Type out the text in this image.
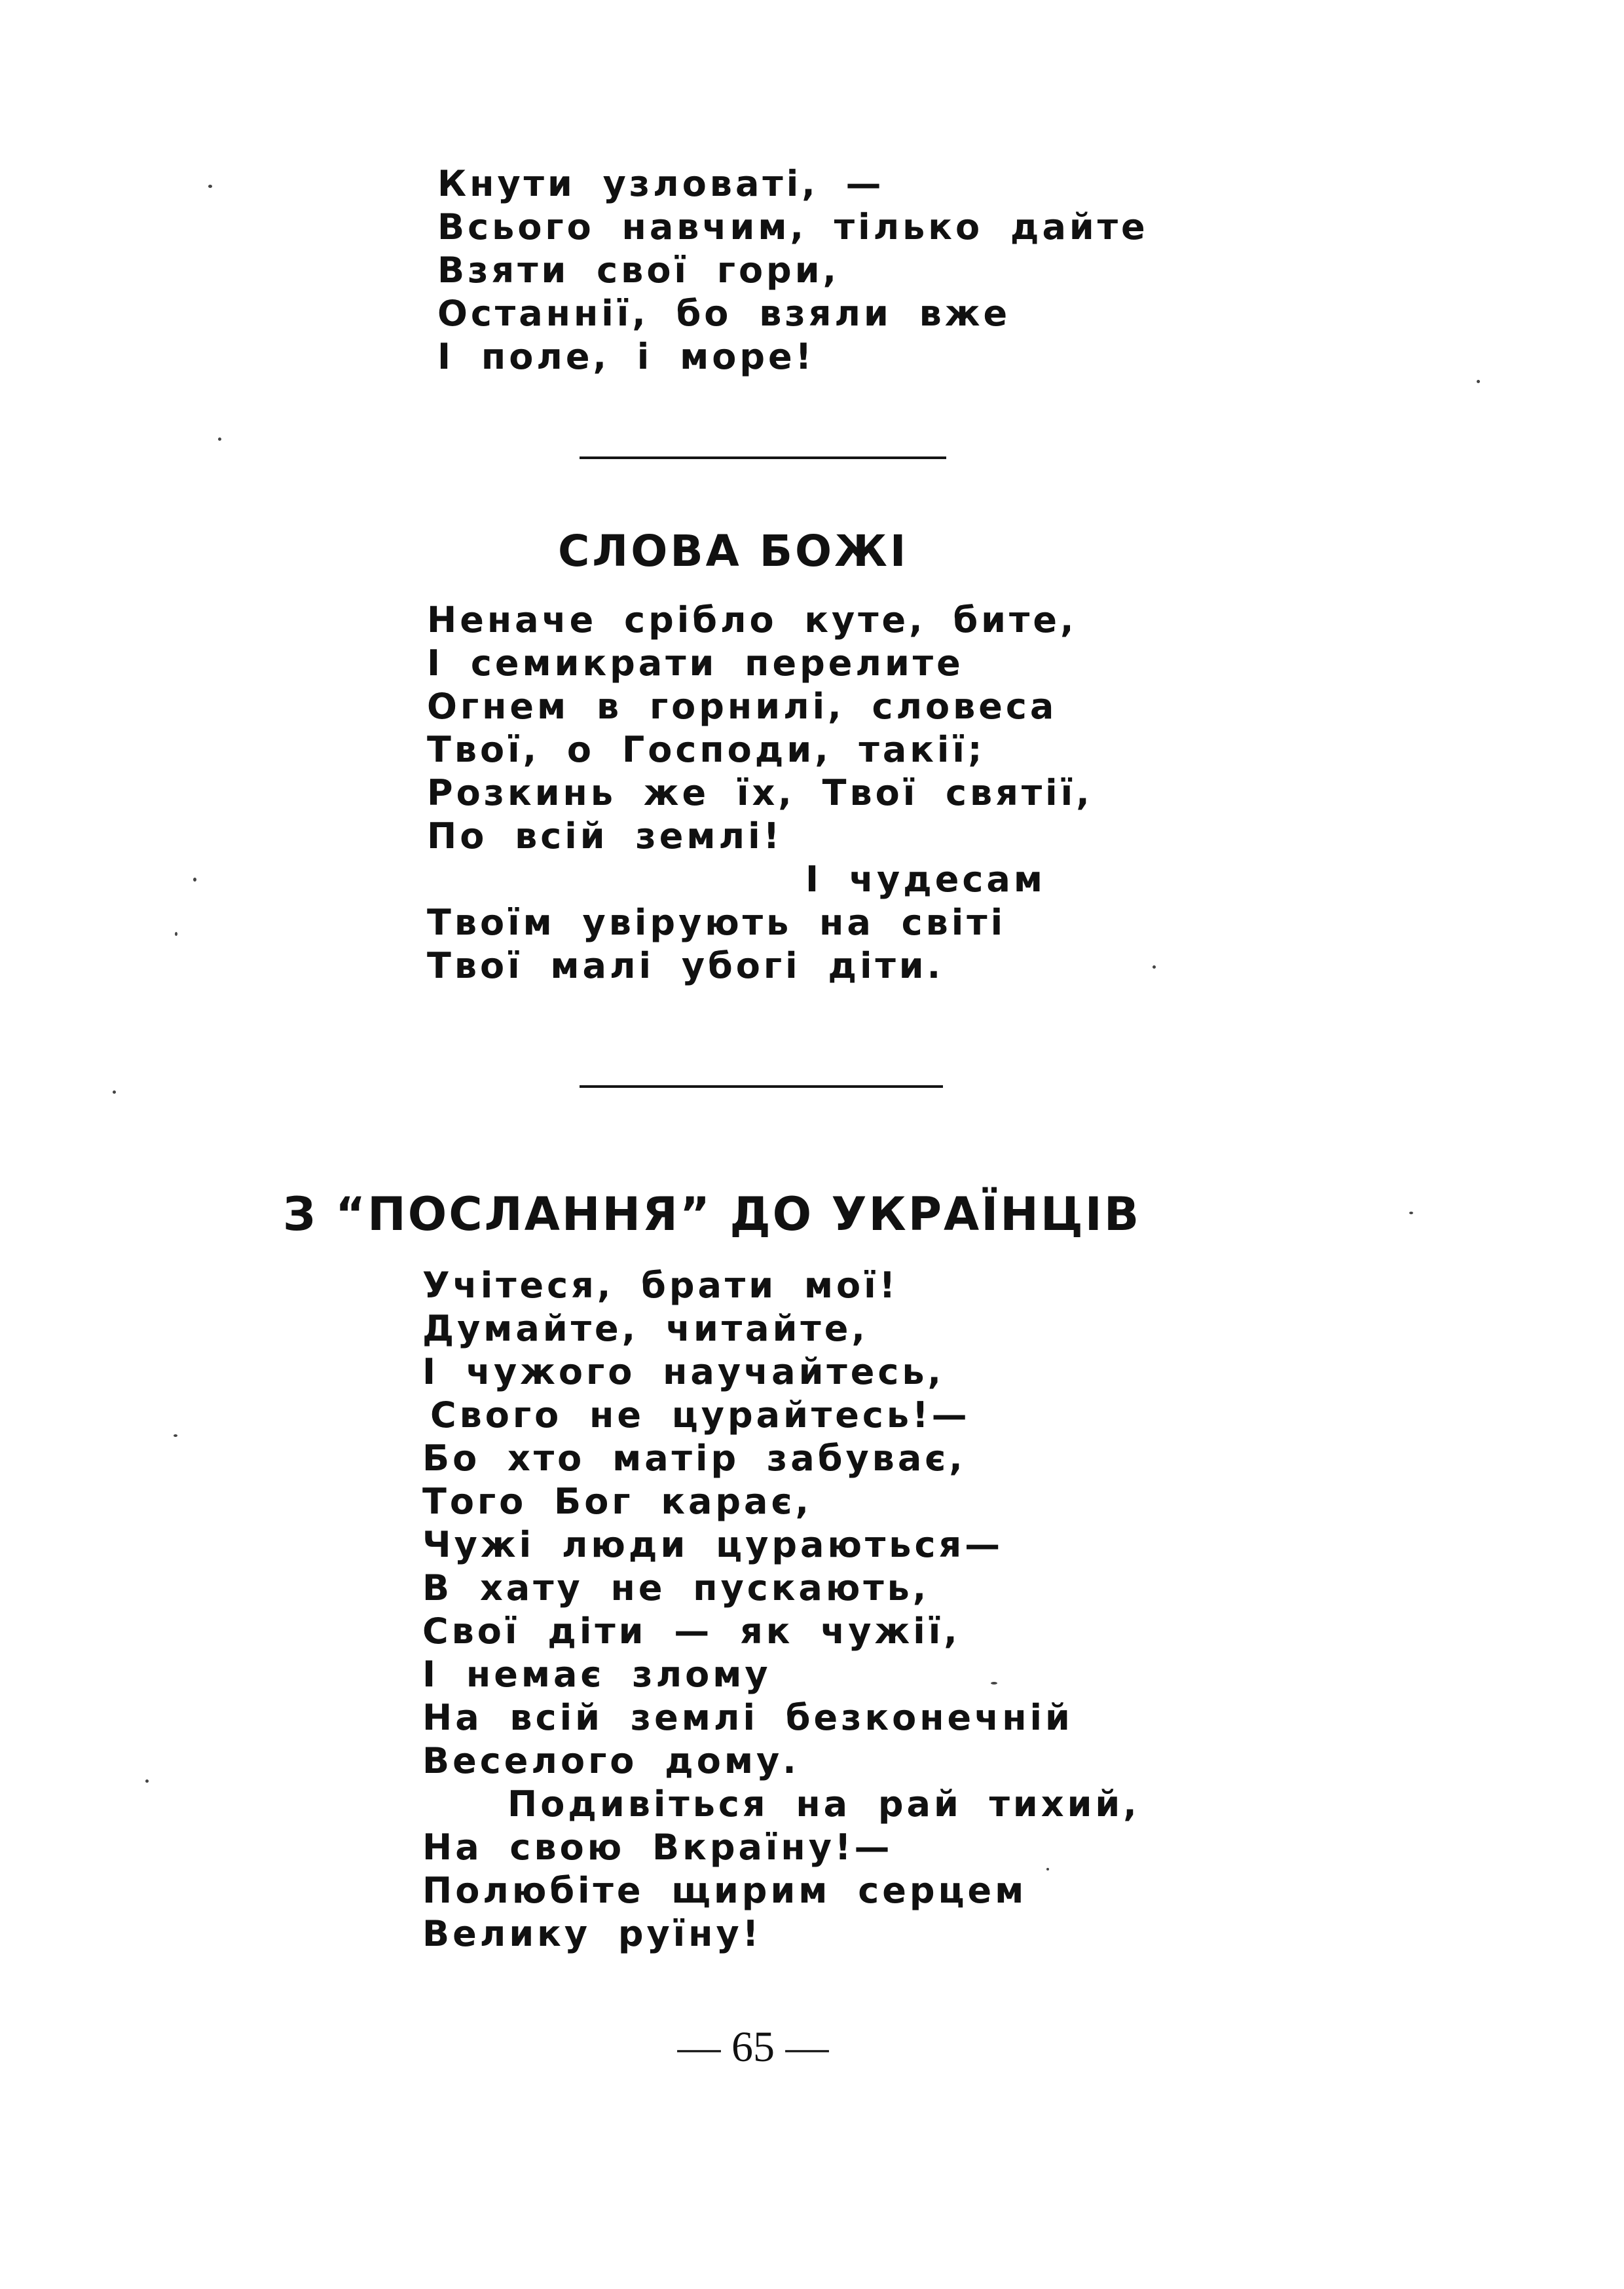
Кнути узловаті, —
Всього навчим, тілько дайте
Взяти свої гори,
Останнії, бо взяли вже
І поле, і море!
СЛОВА БОЖІ
Неначе срібло куте, бите,
І семикрати перелите
Огнем в горнилі, словеса
Твої, о Господи, такії;
Розкинь же їх, Твої святії,
По всій землі!
І чудесам
Твоїм увірують на світі
Твої малі убогі діти.
З “ПОСЛАННЯ” ДО УКРАЇНЦІВ
Учітеся, брати мої!
Думайте, читайте,
І чужого научайтесь,
Свого не цурайтесь!—
Бо хто матір забуває,
Того Бог карає,
Чужі люди цураються—
В хату не пускають,
Свої діти — як чужії,
І немає злому
На всій землі безконечній
Веселого дому.
Подивіться на рай тихий,
На свою Вкраїну!—
Полюбіте щирим серцем
Велику руїну!
— 65 —
